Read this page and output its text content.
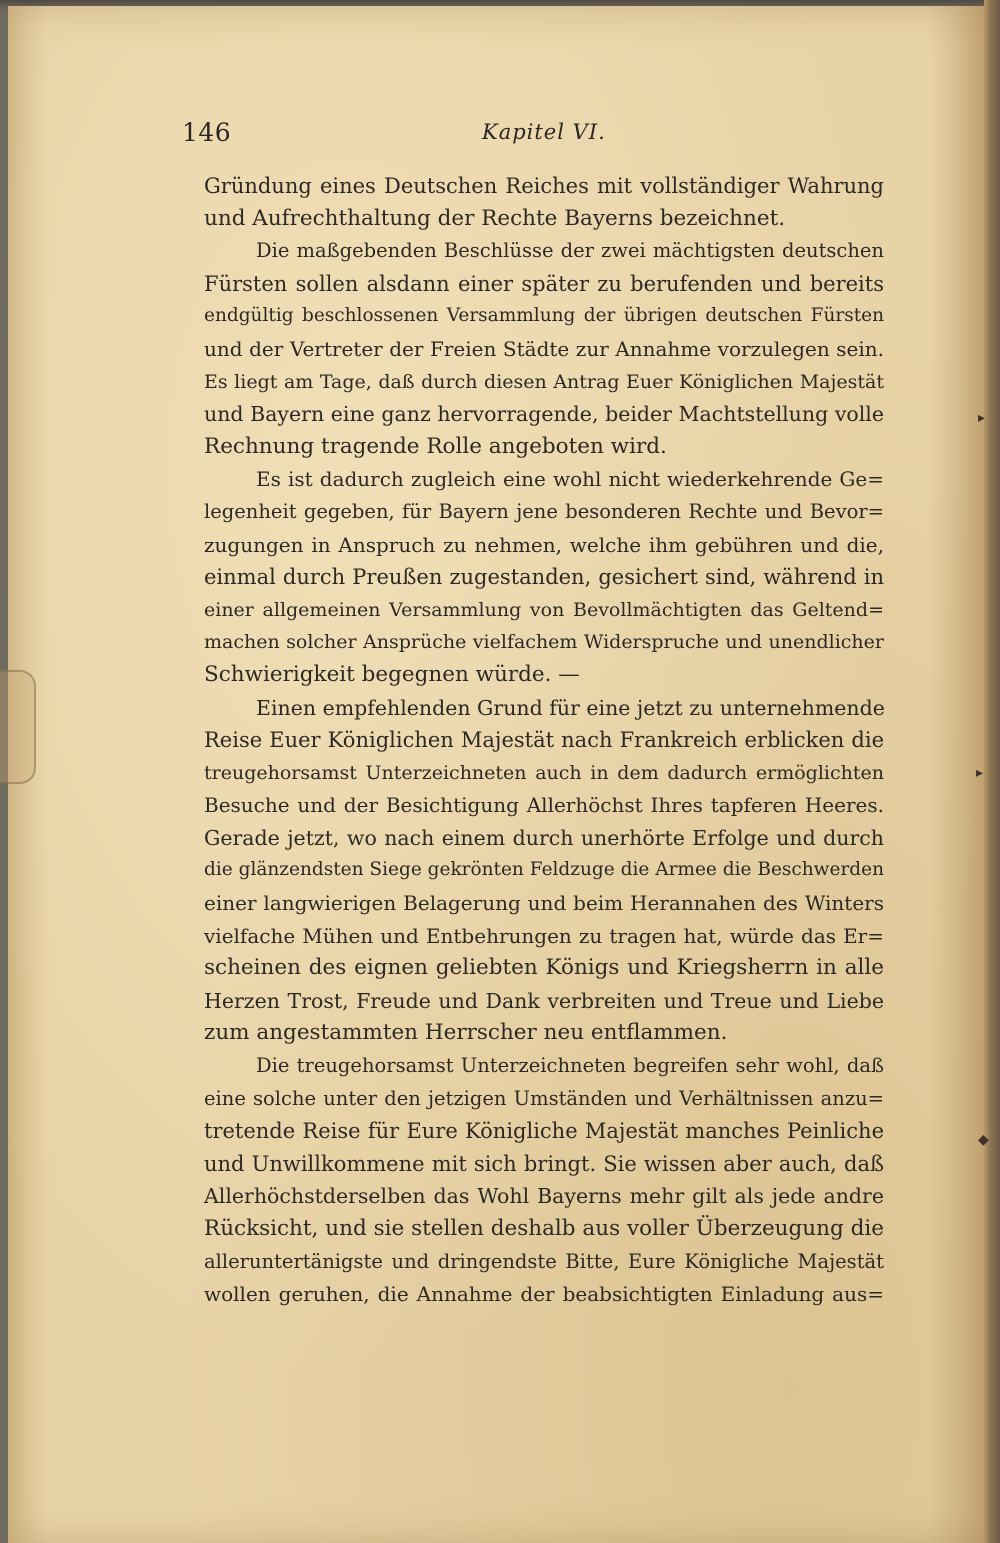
▸
▸
◆
146	Kapitel VI.
Gründung eines Deutschen Reiches mit vollständiger Wahrung
und Aufrechthaltung der Rechte Bayerns bezeichnet.
Die maßgebenden Beschlüsse der zwei mächtigsten deutschen
Fürsten sollen alsdann einer später zu berufenden und bereits
endgültig beschlossenen Versammlung der übrigen deutschen Fürsten
und der Vertreter der Freien Städte zur Annahme vorzulegen sein.
Es liegt am Tage, daß durch diesen Antrag Euer Königlichen Majestät
und Bayern eine ganz hervorragende, beider Machtstellung volle
Rechnung tragende Rolle angeboten wird.
Es ist dadurch zugleich eine wohl nicht wiederkehrende Ge=
legenheit gegeben, für Bayern jene besonderen Rechte und Bevor=
zugungen in Anspruch zu nehmen, welche ihm gebühren und die,
einmal durch Preußen zugestanden, gesichert sind, während in
einer allgemeinen Versammlung von Bevollmächtigten das Geltend=
machen solcher Ansprüche vielfachem Widerspruche und unendlicher
Schwierigkeit begegnen würde. —
Einen empfehlenden Grund für eine jetzt zu unternehmende
Reise Euer Königlichen Majestät nach Frankreich erblicken die
treugehorsamst Unterzeichneten auch in dem dadurch ermöglichten
Besuche und der Besichtigung Allerhöchst Ihres tapferen Heeres.
Gerade jetzt, wo nach einem durch unerhörte Erfolge und durch
die glänzendsten Siege gekrönten Feldzuge die Armee die Beschwerden
einer langwierigen Belagerung und beim Herannahen des Winters
vielfache Mühen und Entbehrungen zu tragen hat, würde das Er=
scheinen des eignen geliebten Königs und Kriegsherrn in alle
Herzen Trost, Freude und Dank verbreiten und Treue und Liebe
zum angestammten Herrscher neu entflammen.
Die treugehorsamst Unterzeichneten begreifen sehr wohl, daß
eine solche unter den jetzigen Umständen und Verhältnissen anzu=
tretende Reise für Eure Königliche Majestät manches Peinliche
und Unwillkommene mit sich bringt. Sie wissen aber auch, daß
Allerhöchstderselben das Wohl Bayerns mehr gilt als jede andre
Rücksicht, und sie stellen deshalb aus voller Überzeugung die
alleruntertänigste und dringendste Bitte, Eure Königliche Majestät
wollen geruhen, die Annahme der beabsichtigten Einladung aus=
